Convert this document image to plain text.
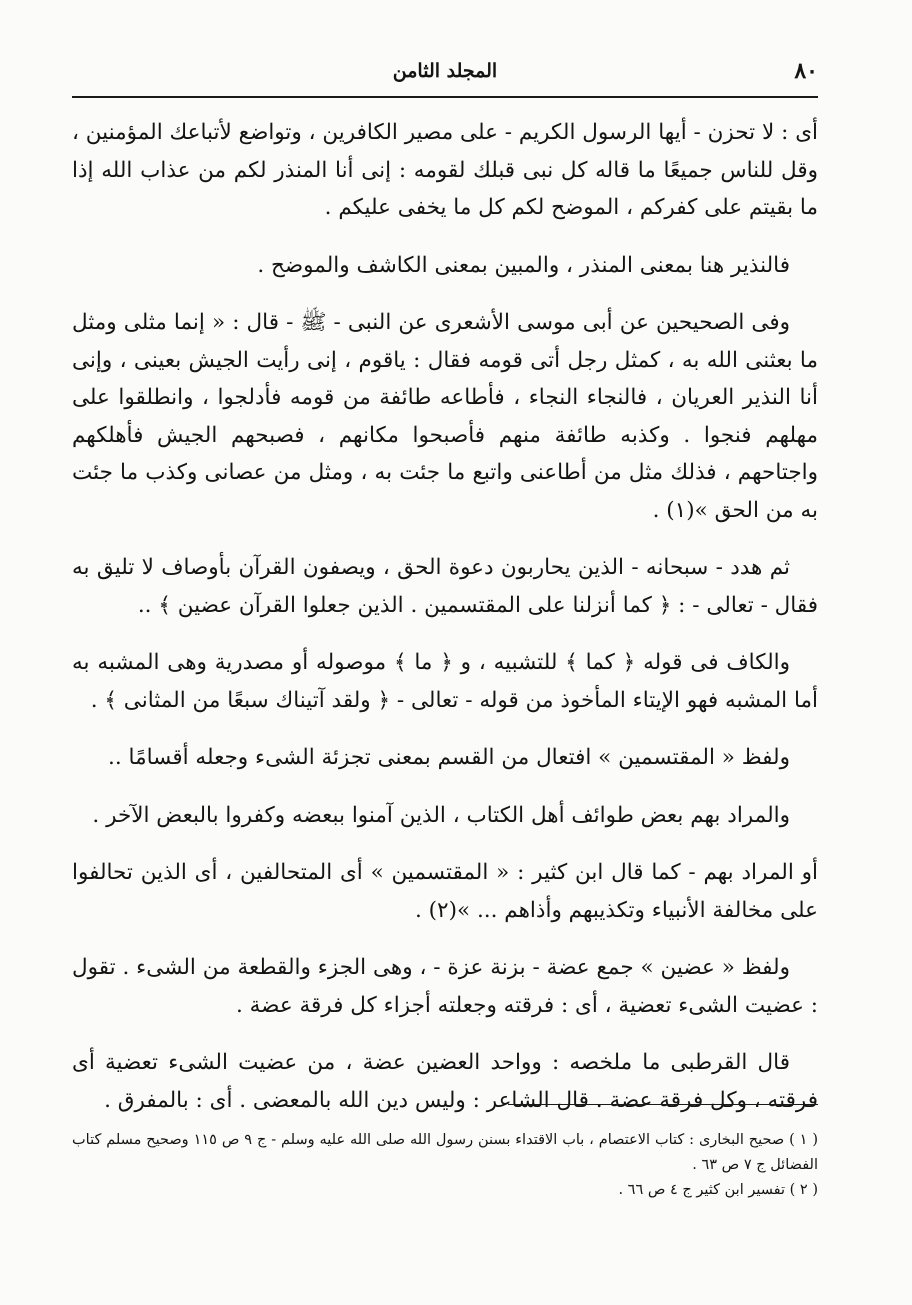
٨٠
المجلد الثامن

أى : لا تحزن - أيها الرسول الكريم - على مصير الكافرين ، وتواضع لأتباعك المؤمنين ، وقل للناس جميعًا ما قاله كل نبى قبلك لقومه : إنى أنا المنذر لكم من عذاب الله إذا ما بقيتم على كفركم ، الموضح لكم كل ما يخفى عليكم .

فالنذير هنا بمعنى المنذر ، والمبين بمعنى الكاشف والموضح .

وفى الصحيحين عن أبى موسى الأشعرى عن النبى - ﷺ - قال : « إنما مثلى ومثل ما بعثنى الله به ، كمثل رجل أتى قومه فقال : ياقوم ، إنى رأيت الجيش بعينى ، وإنى أنا النذير العريان ، فالنجاء النجاء ، فأطاعه طائفة من قومه فأدلجوا ، وانطلقوا على مهلهم فنجوا . وكذبه طائفة منهم فأصبحوا مكانهم ، فصبحهم الجيش فأهلكهم واجتاحهم ، فذلك مثل من أطاعنى واتبع ما جئت به ، ومثل من عصانى وكذب ما جئت به من الحق »(١) .

ثم هدد - سبحانه - الذين يحاربون دعوة الحق ، ويصفون القرآن بأوصاف لا تليق به فقال - تعالى - : ﴿ كما أنزلنا على المقتسمين . الذين جعلوا القرآن عضين ﴾ ..

والكاف فى قوله ﴿ كما ﴾ للتشبيه ، و ﴿ ما ﴾ موصوله أو مصدرية وهى المشبه به أما المشبه فهو الإيتاء المأخوذ من قوله - تعالى - ﴿ ولقد آتيناك سبعًا من المثانى ﴾ .

ولفظ « المقتسمين » افتعال من القسم بمعنى تجزئة الشىء وجعله أقسامًا ..

والمراد بهم بعض طوائف أهل الكتاب ، الذين آمنوا ببعضه وكفروا بالبعض الآخر .

أو المراد بهم - كما قال ابن كثير : « المقتسمين » أى المتحالفين ، أى الذين تحالفوا على مخالفة الأنبياء وتكذيبهم وأذاهم ... »(٢) .

ولفظ « عضين » جمع عضة - بزنة عزة - ، وهى الجزء والقطعة من الشىء . تقول : عضيت الشىء تعضية ، أى : فرقته وجعلته أجزاء كل فرقة عضة .

قال القرطبى ما ملخصه : وواحد العضين عضة ، من عضيت الشىء تعضية أى فرقته ، وكل فرقة عضة . قال الشاعر : وليس دين الله بالمعضى . أى : بالمفرق .

( ١ ) صحيح البخارى : كتاب الاعتصام ، باب الاقتداء بسنن رسول الله صلى الله عليه وسلم - ج ٩ ص ١١٥ وصحيح مسلم كتاب الفضائل ج ٧ ص ٦٣ .

( ٢ ) تفسير ابن كثير ج ٤ ص ٦٦ .
